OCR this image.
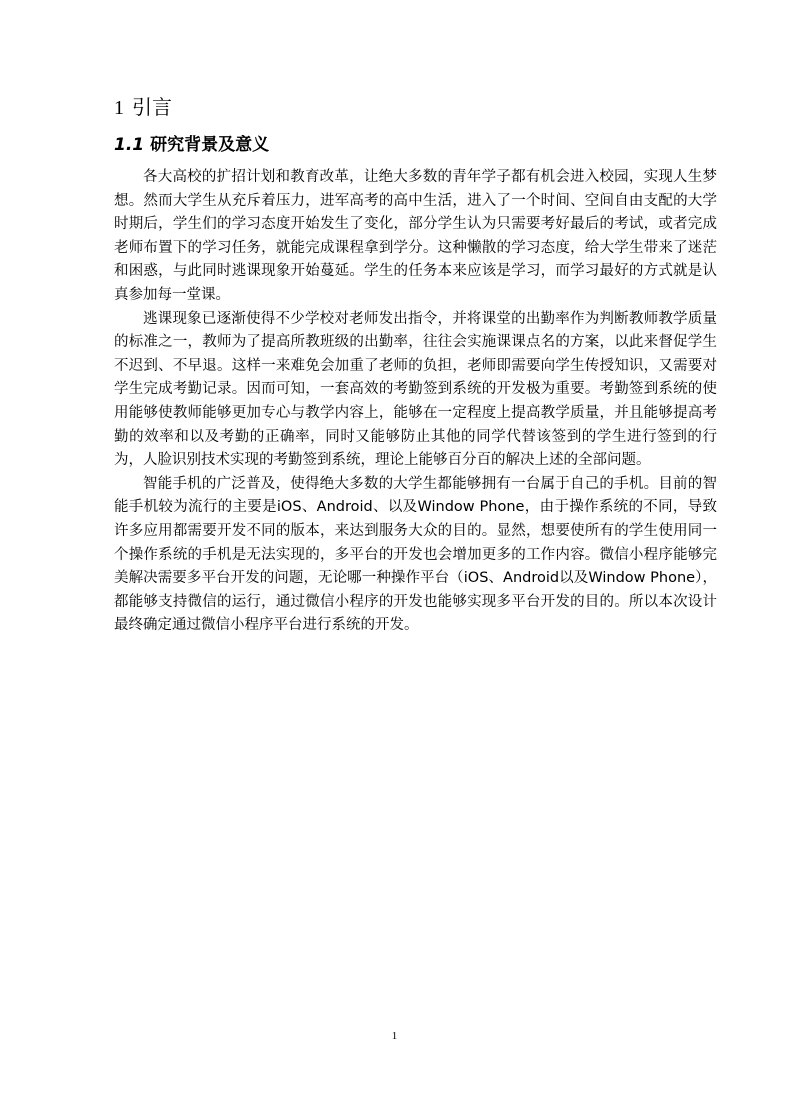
1 引言
1.1 研究背景及意义

各大高校的扩招计划和教育改革，让绝大多数的青年学子都有机会进入校园，实现人生梦想。然而大学生从充斥着压力，进军高考的高中生活，进入了一个时间、空间自由支配的大学时期后，学生们的学习态度开始发生了变化，部分学生认为只需要考好最后的考试，或者完成老师布置下的学习任务，就能完成课程拿到学分。这种懒散的学习态度，给大学生带来了迷茫和困惑，与此同时逃课现象开始蔓延。学生的任务本来应该是学习，而学习最好的方式就是认真参加每一堂课。

逃课现象已逐渐使得不少学校对老师发出指令，并将课堂的出勤率作为判断教师教学质量的标准之一，教师为了提高所教班级的出勤率，往往会实施课课点名的方案，以此来督促学生不迟到、不早退。这样一来难免会加重了老师的负担，老师即需要向学生传授知识，又需要对学生完成考勤记录。因而可知，一套高效的考勤签到系统的开发极为重要。考勤签到系统的使用能够使教师能够更加专心与教学内容上，能够在一定程度上提高教学质量，并且能够提高考勤的效率和以及考勤的正确率，同时又能够防止其他的同学代替该签到的学生进行签到的行为，人脸识别技术实现的考勤签到系统，理论上能够百分百的解决上述的全部问题。

智能手机的广泛普及，使得绝大多数的大学生都能够拥有一台属于自己的手机。目前的智能手机较为流行的主要是iOS、Android、以及Window Phone，由于操作系统的不同，导致许多应用都需要开发不同的版本，来达到服务大众的目的。显然，想要使所有的学生使用同一个操作系统的手机是无法实现的，多平台的开发也会增加更多的工作内容。微信小程序能够完美解决需要多平台开发的问题，无论哪一种操作平台（iOS、Android以及Window Phone），都能够支持微信的运行，通过微信小程序的开发也能够实现多平台开发的目的。所以本次设计最终确定通过微信小程序平台进行系统的开发。

1
